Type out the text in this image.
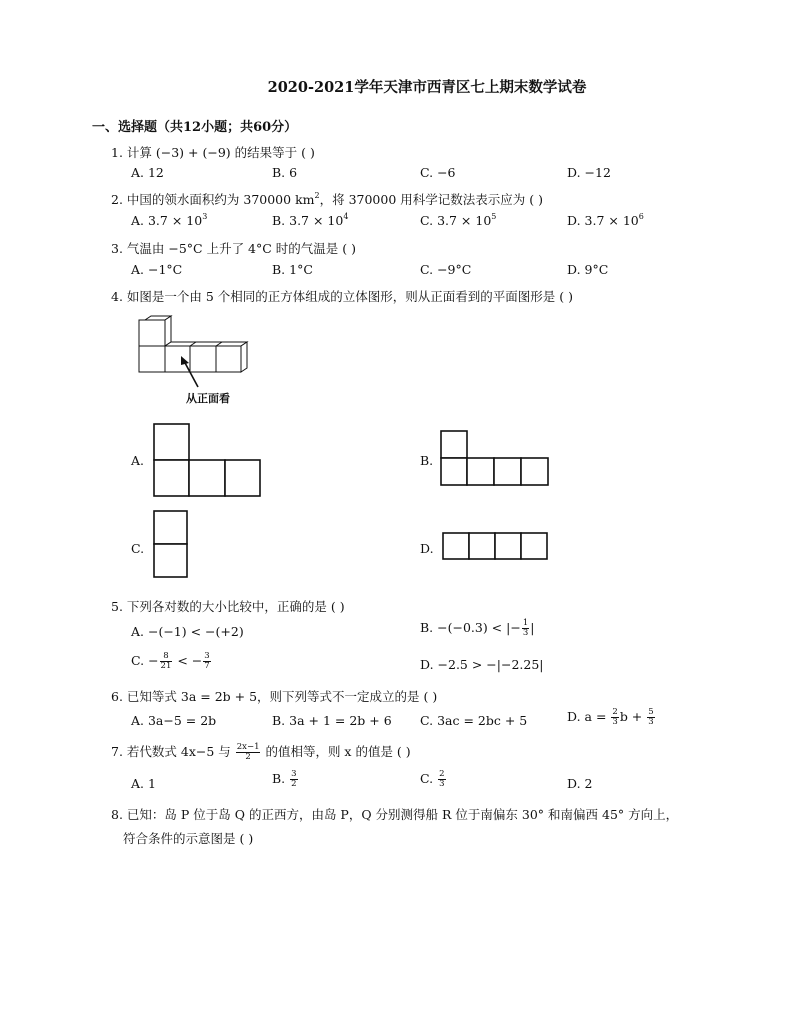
2020-2021学年天津市西青区七上期末数学试卷
一、选择题（共12小题；共60分）
1. 计算 (−3) + (−9) 的结果等于 ( )
A. 12	B. 6	C. −6	D. −12
2. 中国的领水面积约为 370000 $km^2$，将 370000 用科学记数法表示应为 ( )
A. $3.7 \times 10^3$	B. $3.7 \times 10^4$	C. $3.7 \times 10^5$	D. $3.7 \times 10^6$
3. 气温由 −5°C 上升了 4°C 时的气温是 ( )
A. −1°C	B. 1°C	C. −9°C	D. 9°C
4. 如图是一个由 5 个相同的正方体组成的立体图形，则从正面看到的平面图形是 ( )
从正面看
A.	B.
C.	D.
5. 下列各对数的大小比较中，正确的是 ( )
A. −(−1) < −(+2)	B. −(−0.3) < |− $\frac{1}{3}$ |
C. − $\frac{8}{21}$ < − $\frac{3}{7}$	D. −2.5 > −|−2.25|
6. 已知等式 3a = 2b + 5，则下列等式不一定成立的是 ( )
A. 3a−5 = 2b	B. 3a + 1 = 2b + 6 C. 3ac = 2bc + 5	D. $a = \frac{2}{3}$ $b + \frac{5}{3}$
7. 若代数式 4x−5 与 $\frac{2x-1}{2}$ 的值相等，则 x 的值是 ( )
A. 1	B. $\frac{3}{2}$	C. $\frac{2}{3}$	D. 2
8. 已知：岛 P 位于岛 Q 的正西方，由岛 P，Q 分别测得船 R 位于南偏东 30° 和南偏西 45° 方向上，
符合条件的示意图是 ( )
